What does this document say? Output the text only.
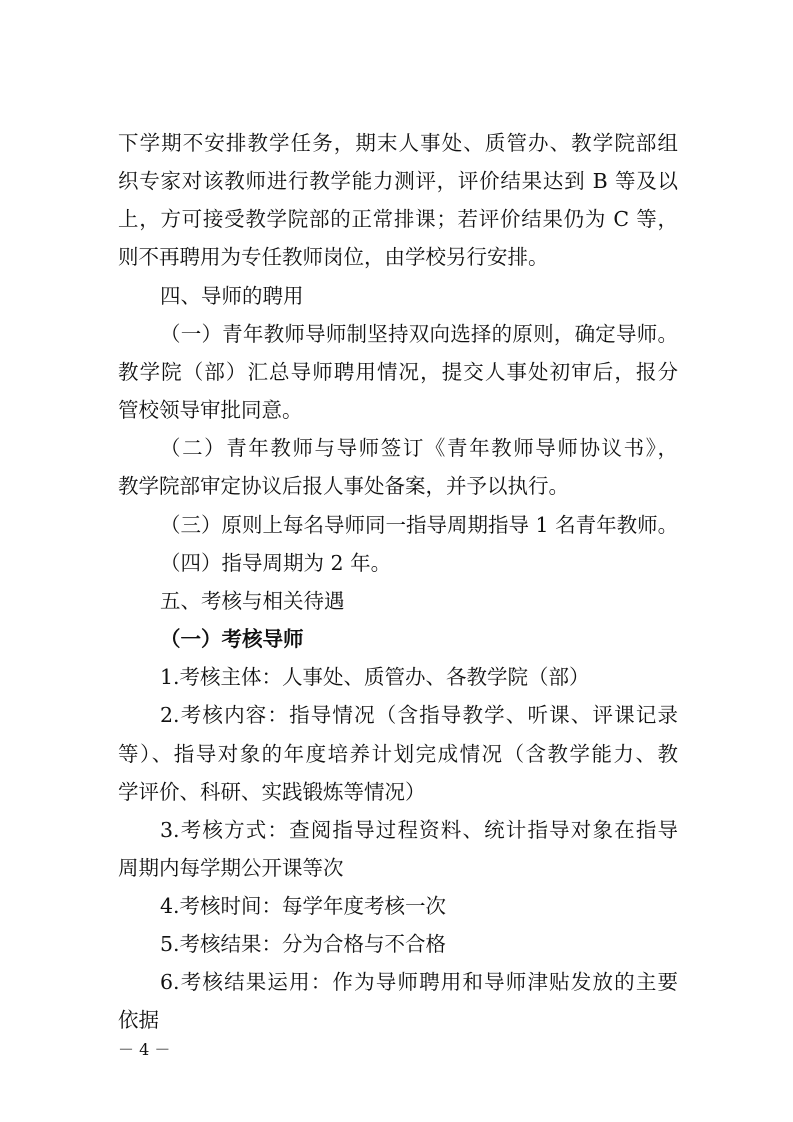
下学期不安排教学任务，期末人事处、质管办、教学院部组
织专家对该教师进行教学能力测评，评价结果达到 B 等及以
上，方可接受教学院部的正常排课；若评价结果仍为 C 等，
则不再聘用为专任教师岗位，由学校另行安排。
四、导师的聘用
（一）青年教师导师制坚持双向选择的原则，确定导师。
教学院（部）汇总导师聘用情况，提交人事处初审后，报分
管校领导审批同意。
（二）青年教师与导师签订《青年教师导师协议书》，
教学院部审定协议后报人事处备案，并予以执行。
（三）原则上每名导师同一指导周期指导 1 名青年教师。
（四）指导周期为 2 年。
五、考核与相关待遇
（一）考核导师
1.考核主体：人事处、质管办、各教学院（部）
2.考核内容：指导情况（含指导教学、听课、评课记录
等）、指导对象的年度培养计划完成情况（含教学能力、教
学评价、科研、实践锻炼等情况）
3.考核方式：查阅指导过程资料、统计指导对象在指导
周期内每学期公开课等次
4.考核时间：每学年度考核一次
5.考核结果：分为合格与不合格
6.考核结果运用：作为导师聘用和导师津贴发放的主要
依据
－ 4 －
